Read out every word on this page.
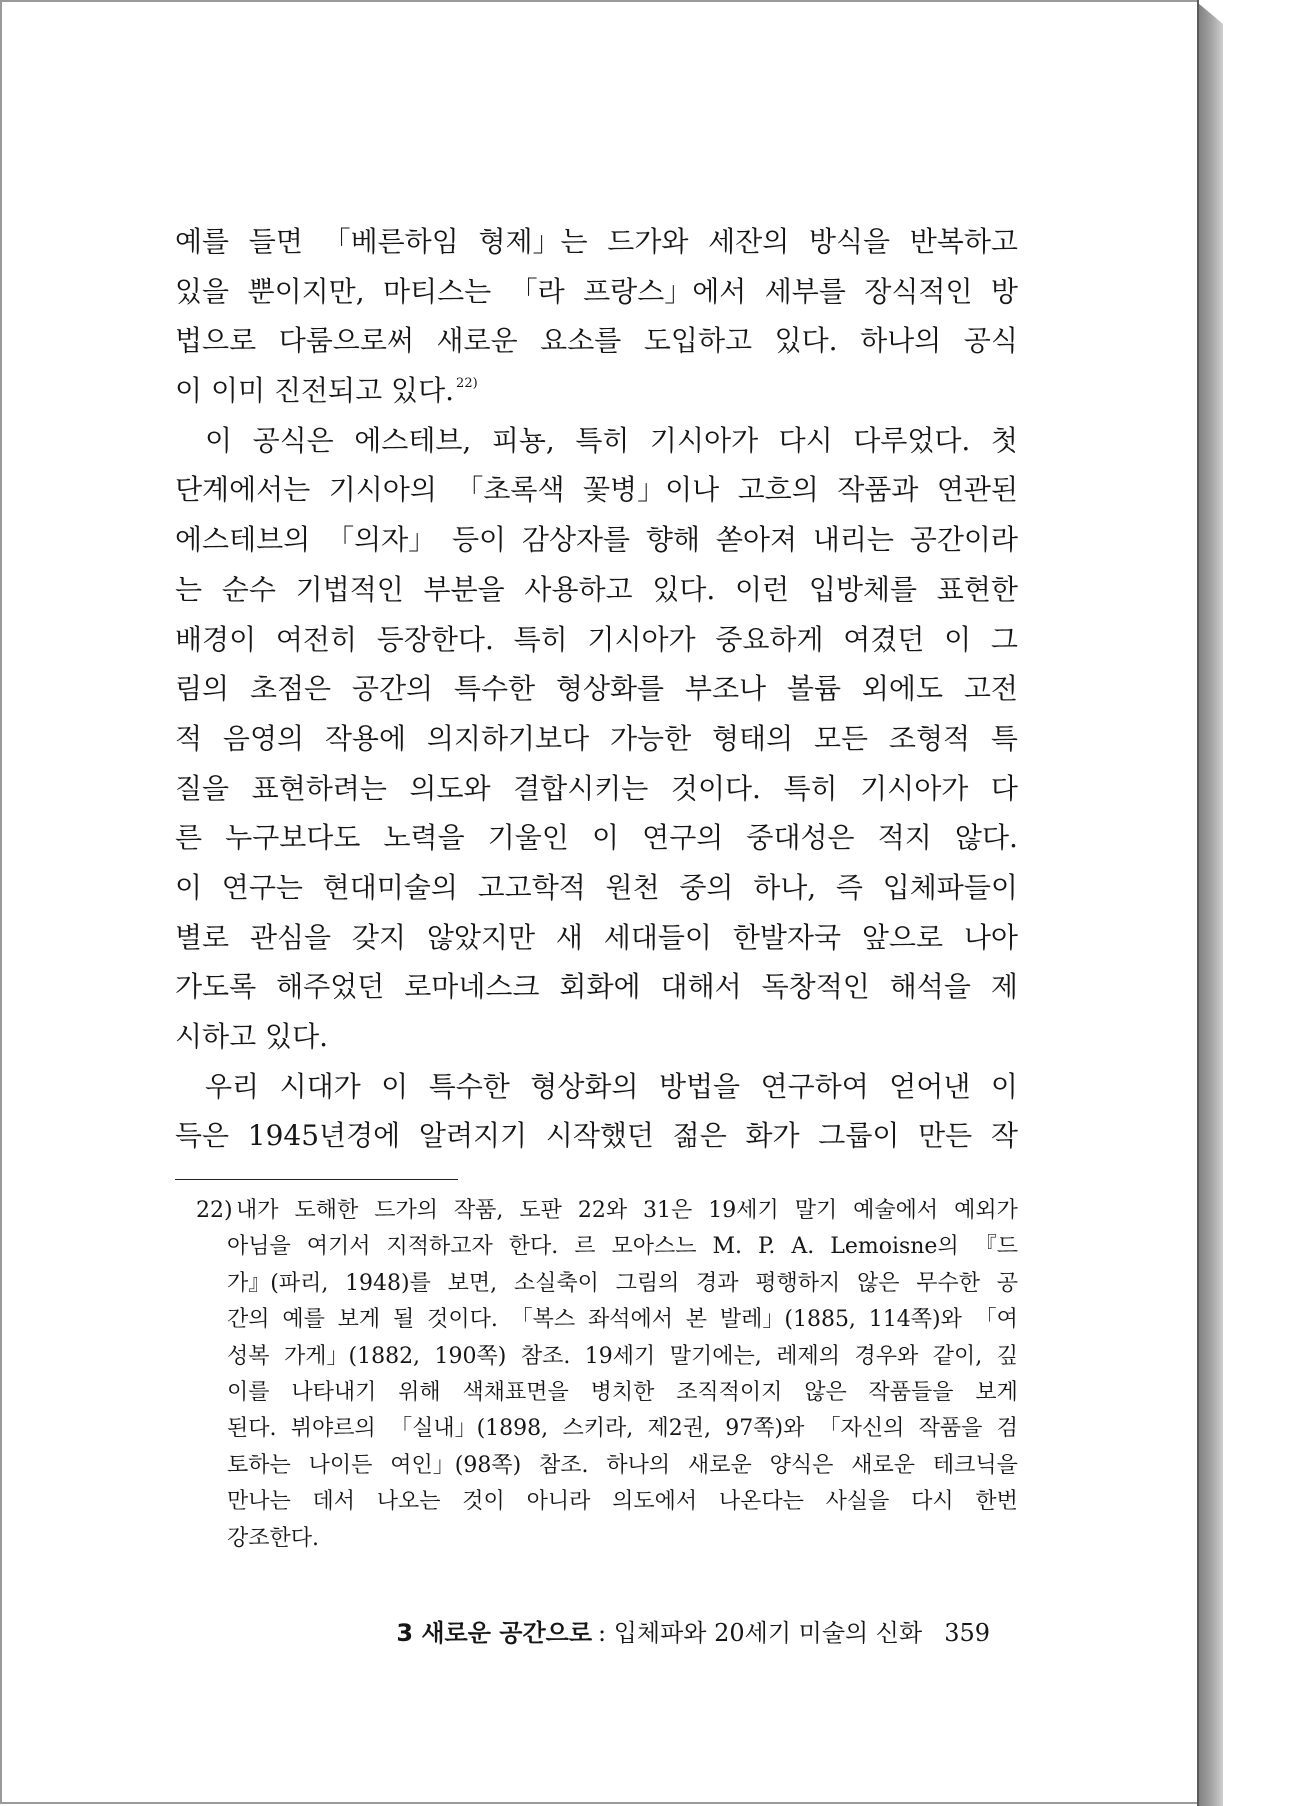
예를 들면 「베른하임 형제」는 드가와 세잔의 방식을 반복하고
있을 뿐이지만, 마티스는 「라 프랑스」에서 세부를 장식적인 방
법으로 다룸으로써 새로운 요소를 도입하고 있다. 하나의 공식
이 이미 진전되고 있다. $^{22)}$
이 공식은 에스테브, 피뇽, 특히 기시아가 다시 다루었다. 첫
단계에서는 기시아의 「초록색 꽃병」이나 고흐의 작품과 연관된
에스테브의 「의자」 등이 감상자를 향해 쏟아져 내리는 공간이라
는 순수 기법적인 부분을 사용하고 있다. 이런 입방체를 표현한
배경이 여전히 등장한다. 특히 기시아가 중요하게 여겼던 이 그
림의 초점은 공간의 특수한 형상화를 부조나 볼륨 외에도 고전
적 음영의 작용에 의지하기보다 가능한 형태의 모든 조형적 특
질을 표현하려는 의도와 결합시키는 것이다. 특히 기시아가 다
른 누구보다도 노력을 기울인 이 연구의 중대성은 적지 않다.
이 연구는 현대미술의 고고학적 원천 중의 하나, 즉 입체파들이
별로 관심을 갖지 않았지만 새 세대들이 한발자국 앞으로 나아
가도록 해주었던 로마네스크 회화에 대해서 독창적인 해석을 제
시하고 있다.
우리 시대가 이 특수한 형상화의 방법을 연구하여 얻어낸 이
득은 1945년경에 알려지기 시작했던 젊은 화가 그룹이 만든 작
22) 내가 도해한 드가의 작품, 도판 22와 31은 19세기 말기 예술에서 예외가
아님을 여기서 지적하고자 한다. 르 모아스느 M. P. A. Lemoisne의 『드
가』(파리, 1948)를 보면, 소실축이 그림의 경과 평행하지 않은 무수한 공
간의 예를 보게 될 것이다. 「복스 좌석에서 본 발레」(1885, 114쪽)와 「여
성복 가게」(1882, 190쪽) 참조. 19세기 말기에는, 레제의 경우와 같이, 깊
이를 나타내기 위해 색채표면을 병치한 조직적이지 않은 작품들을 보게
된다. 뷔야르의 「실내」(1898, 스키라, 제2권, 97쪽)와 「자신의 작품을 검
토하는 나이든 여인」(98쪽) 참조. 하나의 새로운 양식은 새로운 테크닉을
만나는 데서 나오는 것이 아니라 의도에서 나온다는 사실을 다시 한번
강조한다.
3 새로운 공간으로 : 입체파와 20세기 미술의 신화 359
